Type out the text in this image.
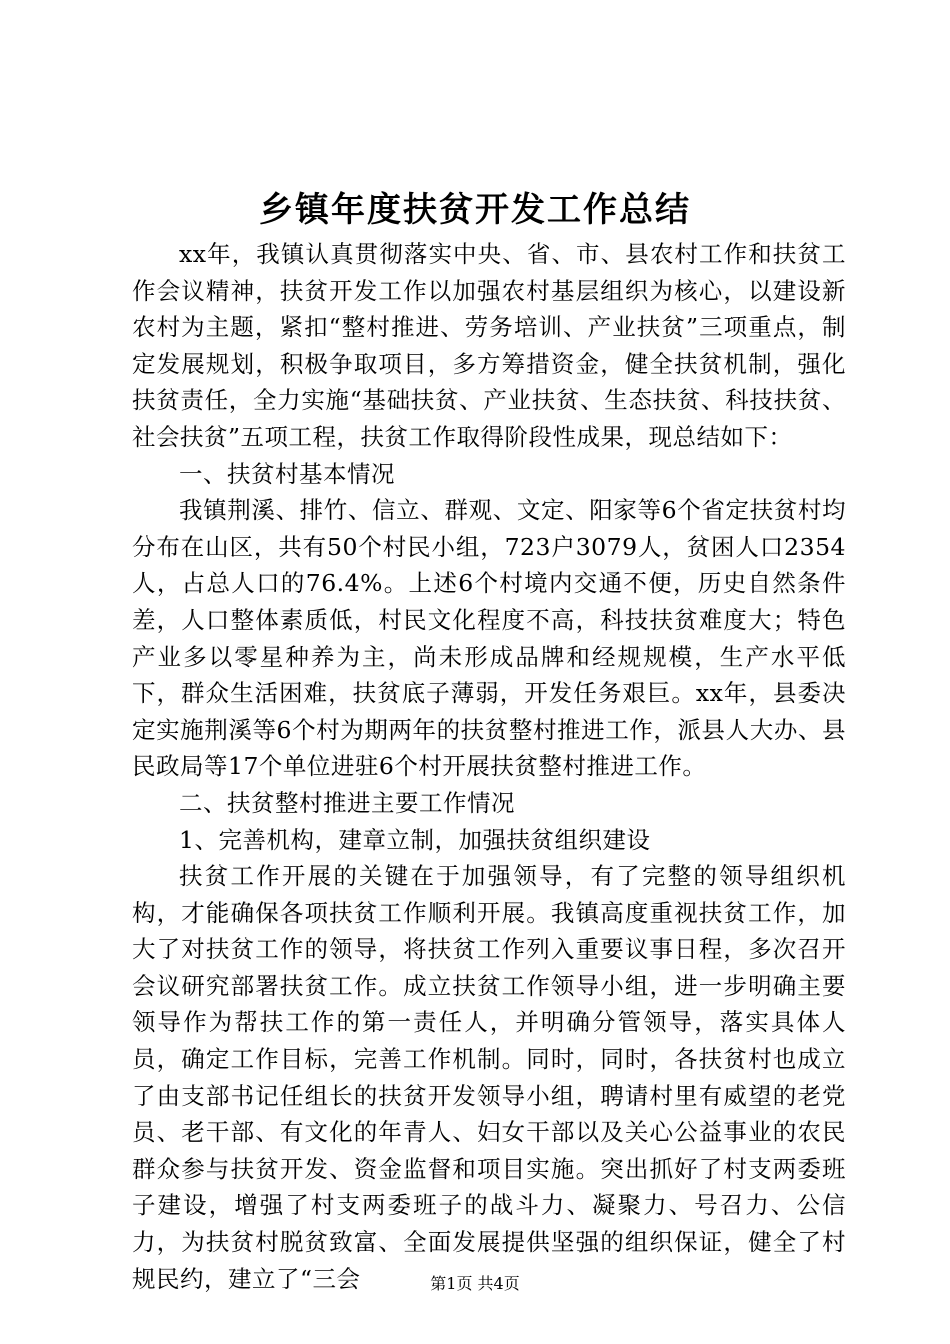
乡镇年度扶贫开发工作总结

xx年，我镇认真贯彻落实中央、省、市、县农村工作和扶贫工作会议精神，扶贫开发工作以加强农村基层组织为核心，以建设新农村为主题，紧扣“整村推进、劳务培训、产业扶贫”三项重点，制定发展规划，积极争取项目，多方筹措资金，健全扶贫机制，强化扶贫责任，全力实施“基础扶贫、产业扶贫、生态扶贫、科技扶贫、社会扶贫”五项工程，扶贫工作取得阶段性成果，现总结如下：

一、扶贫村基本情况

我镇荆溪、排竹、信立、群观、文定、阳家等6个省定扶贫村均分布在山区，共有50个村民小组，723户3079人，贫困人口2354人，占总人口的76.4%。上述6个村境内交通不便，历史自然条件差，人口整体素质低，村民文化程度不高，科技扶贫难度大；特色产业多以零星种养为主，尚未形成品牌和经规规模，生产水平低下，群众生活困难，扶贫底子薄弱，开发任务艰巨。xx年，县委决定实施荆溪等6个村为期两年的扶贫整村推进工作，派县人大办、县民政局等17个单位进驻6个村开展扶贫整村推进工作。

二、扶贫整村推进主要工作情况

1、完善机构，建章立制，加强扶贫组织建设

扶贫工作开展的关键在于加强领导，有了完整的领导组织机构，才能确保各项扶贫工作顺利开展。我镇高度重视扶贫工作，加大了对扶贫工作的领导，将扶贫工作列入重要议事日程，多次召开会议研究部署扶贫工作。成立扶贫工作领导小组，进一步明确主要领导作为帮扶工作的第一责任人，并明确分管领导，落实具体人员，确定工作目标，完善工作机制。同时，同时，各扶贫村也成立了由支部书记任组长的扶贫开发领导小组，聘请村里有威望的老党员、老干部、有文化的年青人、妇女干部以及关心公益事业的农民群众参与扶贫开发、资金监督和项目实施。突出抓好了村支两委班子建设，增强了村支两委班子的战斗力、凝聚力、号召力、公信力，为扶贫村脱贫致富、全面发展提供坚强的组织保证，健全了村规民约，建立了“三会	第1页 共4页
